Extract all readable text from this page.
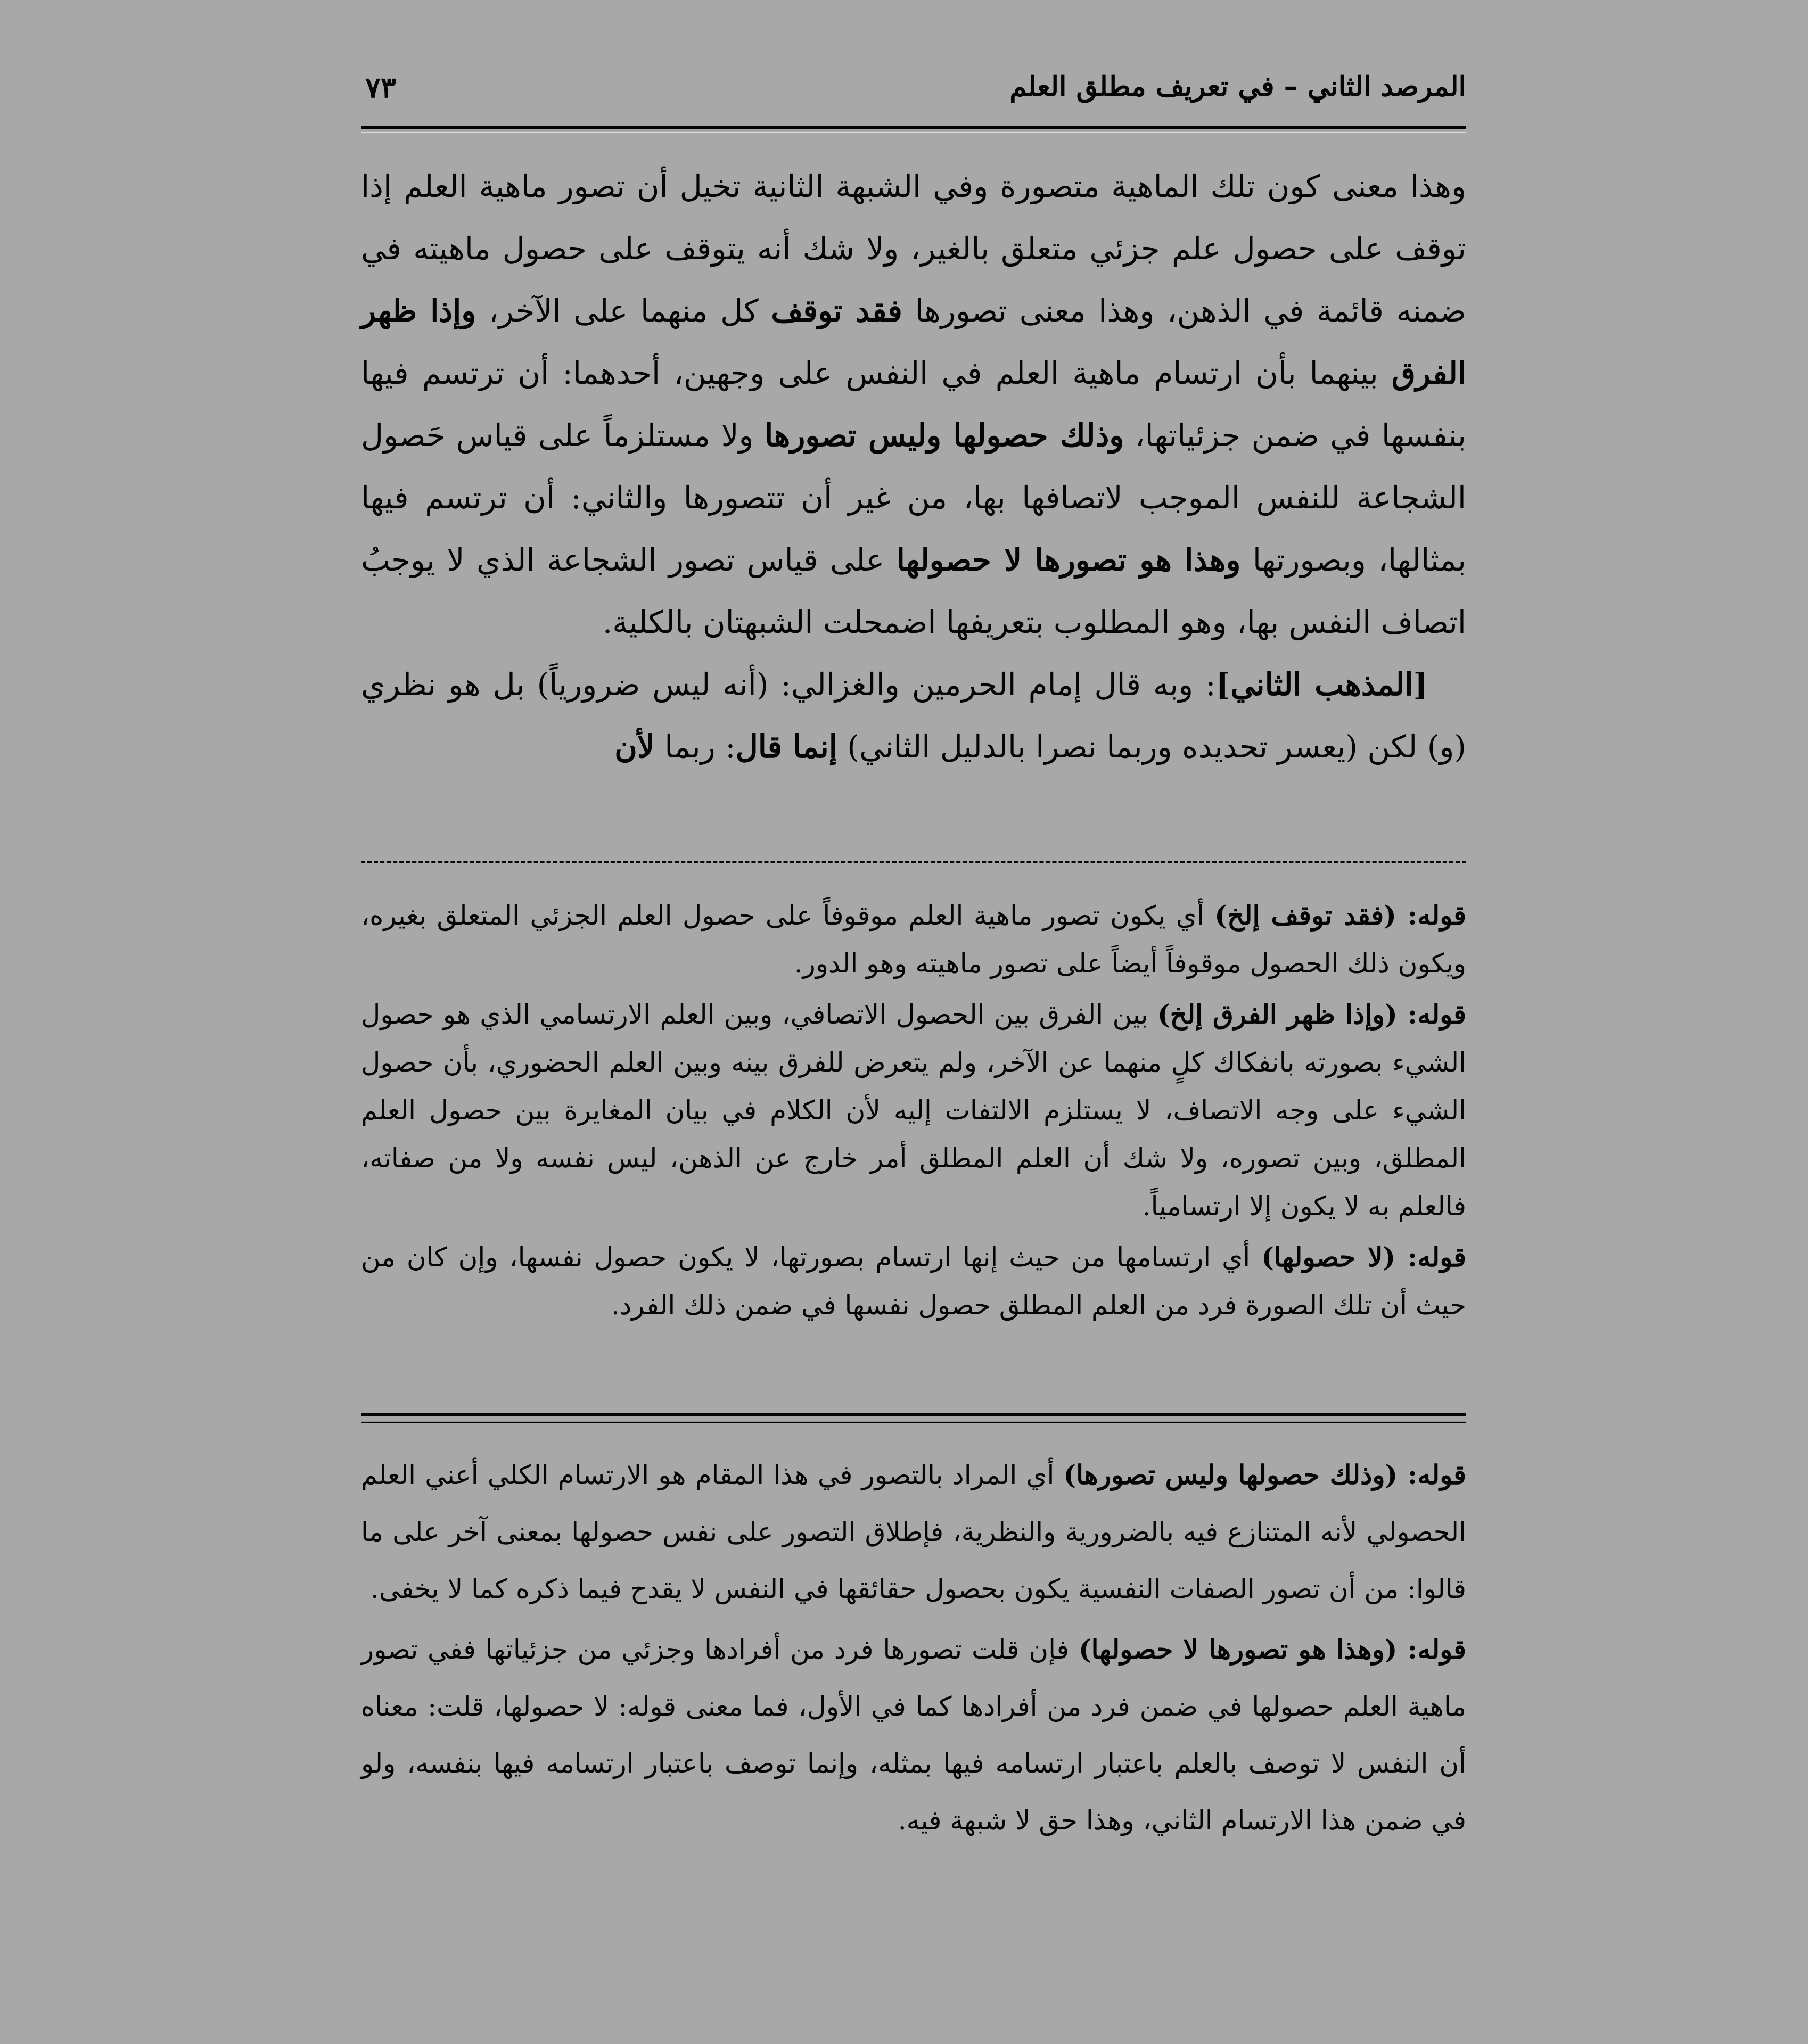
المرصد الثاني – في تعريف مطلق العلم
٧٣

وهذا معنى كون تلك الماهية متصورة وفي الشبهة الثانية تخيل أن تصور ماهية العلم إذا توقف على حصول علم جزئي متعلق بالغير، ولا شك أنه يتوقف على حصول ماهيته في ضمنه قائمة في الذهن، وهذا معنى تصورها فقد توقف كل منهما على الآخر، وإذا ظهر الفرق بينهما بأن ارتسام ماهية العلم في النفس على وجهين، أحدهما: أن ترتسم فيها بنفسها في ضمن جزئياتها، وذلك حصولها وليس تصورها ولا مستلزماً على قياس حَصول الشجاعة للنفس الموجب لاتصافها بها، من غير أن تتصورها والثاني: أن ترتسم فيها بمثالها، وبصورتها وهذا هو تصورها لا حصولها على قياس تصور الشجاعة الذي لا يوجبُ اتصاف النفس بها، وهو المطلوب بتعريفها اضمحلت الشبهتان بالكلية.

[المذهب الثاني]: وبه قال إمام الحرمين والغزالي: (أنه ليس ضرورياً) بل هو نظري (و) لكن (يعسر تحديده وربما نصرا بالدليل الثاني) إنما قال: ربما لأن

قوله: (فقد توقف إلخ) أي يكون تصور ماهية العلم موقوفاً على حصول العلم الجزئي المتعلق بغيره، ويكون ذلك الحصول موقوفاً أيضاً على تصور ماهيته وهو الدور.

قوله: (وإذا ظهر الفرق إلخ) بين الفرق بين الحصول الاتصافي، وبين العلم الارتسامي الذي هو حصول الشيء بصورته بانفكاك كلٍ منهما عن الآخر، ولم يتعرض للفرق بينه وبين العلم الحضوري، بأن حصول الشيء على وجه الاتصاف، لا يستلزم الالتفات إليه لأن الكلام في بيان المغايرة بين حصول العلم المطلق، وبين تصوره، ولا شك أن العلم المطلق أمر خارج عن الذهن، ليس نفسه ولا من صفاته، فالعلم به لا يكون إلا ارتسامياً.

قوله: (لا حصولها) أي ارتسامها من حيث إنها ارتسام بصورتها، لا يكون حصول نفسها، وإن كان من حيث أن تلك الصورة فرد من العلم المطلق حصول نفسها في ضمن ذلك الفرد.

قوله: (وذلك حصولها وليس تصورها) أي المراد بالتصور في هذا المقام هو الارتسام الكلي أعني العلم الحصولي لأنه المتنازع فيه بالضرورية والنظرية، فإطلاق التصور على نفس حصولها بمعنى آخر على ما قالوا: من أن تصور الصفات النفسية يكون بحصول حقائقها في النفس لا يقدح فيما ذكره كما لا يخفى.

قوله: (وهذا هو تصورها لا حصولها) فإن قلت تصورها فرد من أفرادها وجزئي من جزئياتها ففي تصور ماهية العلم حصولها في ضمن فرد من أفرادها كما في الأول، فما معنى قوله: لا حصولها، قلت: معناه أن النفس لا توصف بالعلم باعتبار ارتسامه فيها بمثله، وإنما توصف باعتبار ارتسامه فيها بنفسه، ولو في ضمن هذا الارتسام الثاني، وهذا حق لا شبهة فيه.
